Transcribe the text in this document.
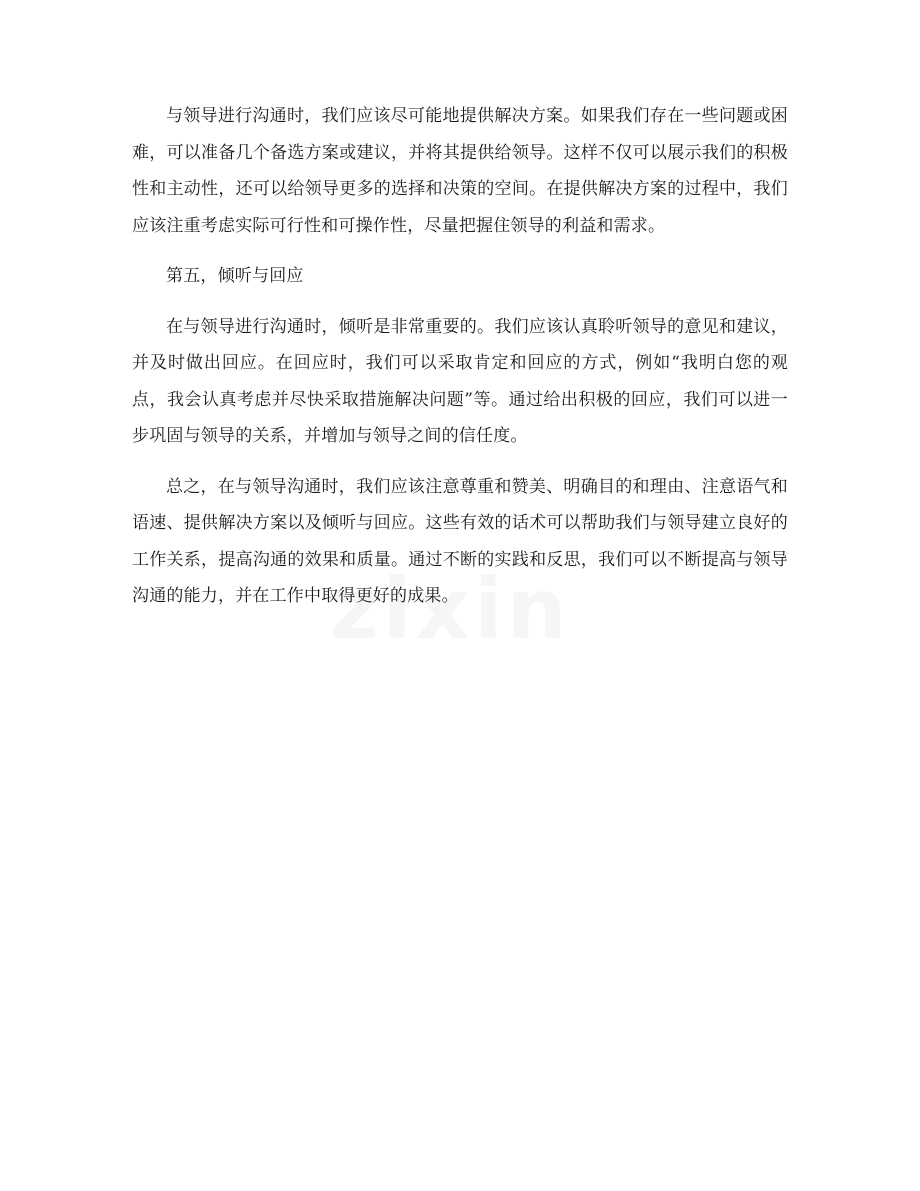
与领导进行沟通时，我们应该尽可能地提供解决方案。如果我们存在一些问题或困难，可以准备几个备选方案或建议，并将其提供给领导。这样不仅可以展示我们的积极性和主动性，还可以给领导更多的选择和决策的空间。在提供解决方案的过程中，我们应该注重考虑实际可行性和可操作性，尽量把握住领导的利益和需求。

第五，倾听与回应

在与领导进行沟通时，倾听是非常重要的。我们应该认真聆听领导的意见和建议，并及时做出回应。在回应时，我们可以采取肯定和回应的方式，例如“我明白您的观点，我会认真考虑并尽快采取措施解决问题”等。通过给出积极的回应，我们可以进一步巩固与领导的关系，并增加与领导之间的信任度。

总之，在与领导沟通时，我们应该注意尊重和赞美、明确目的和理由、注意语气和语速、提供解决方案以及倾听与回应。这些有效的话术可以帮助我们与领导建立良好的工作关系，提高沟通的效果和质量。通过不断的实践和反思，我们可以不断提高与领导沟通的能力，并在工作中取得更好的成果。
